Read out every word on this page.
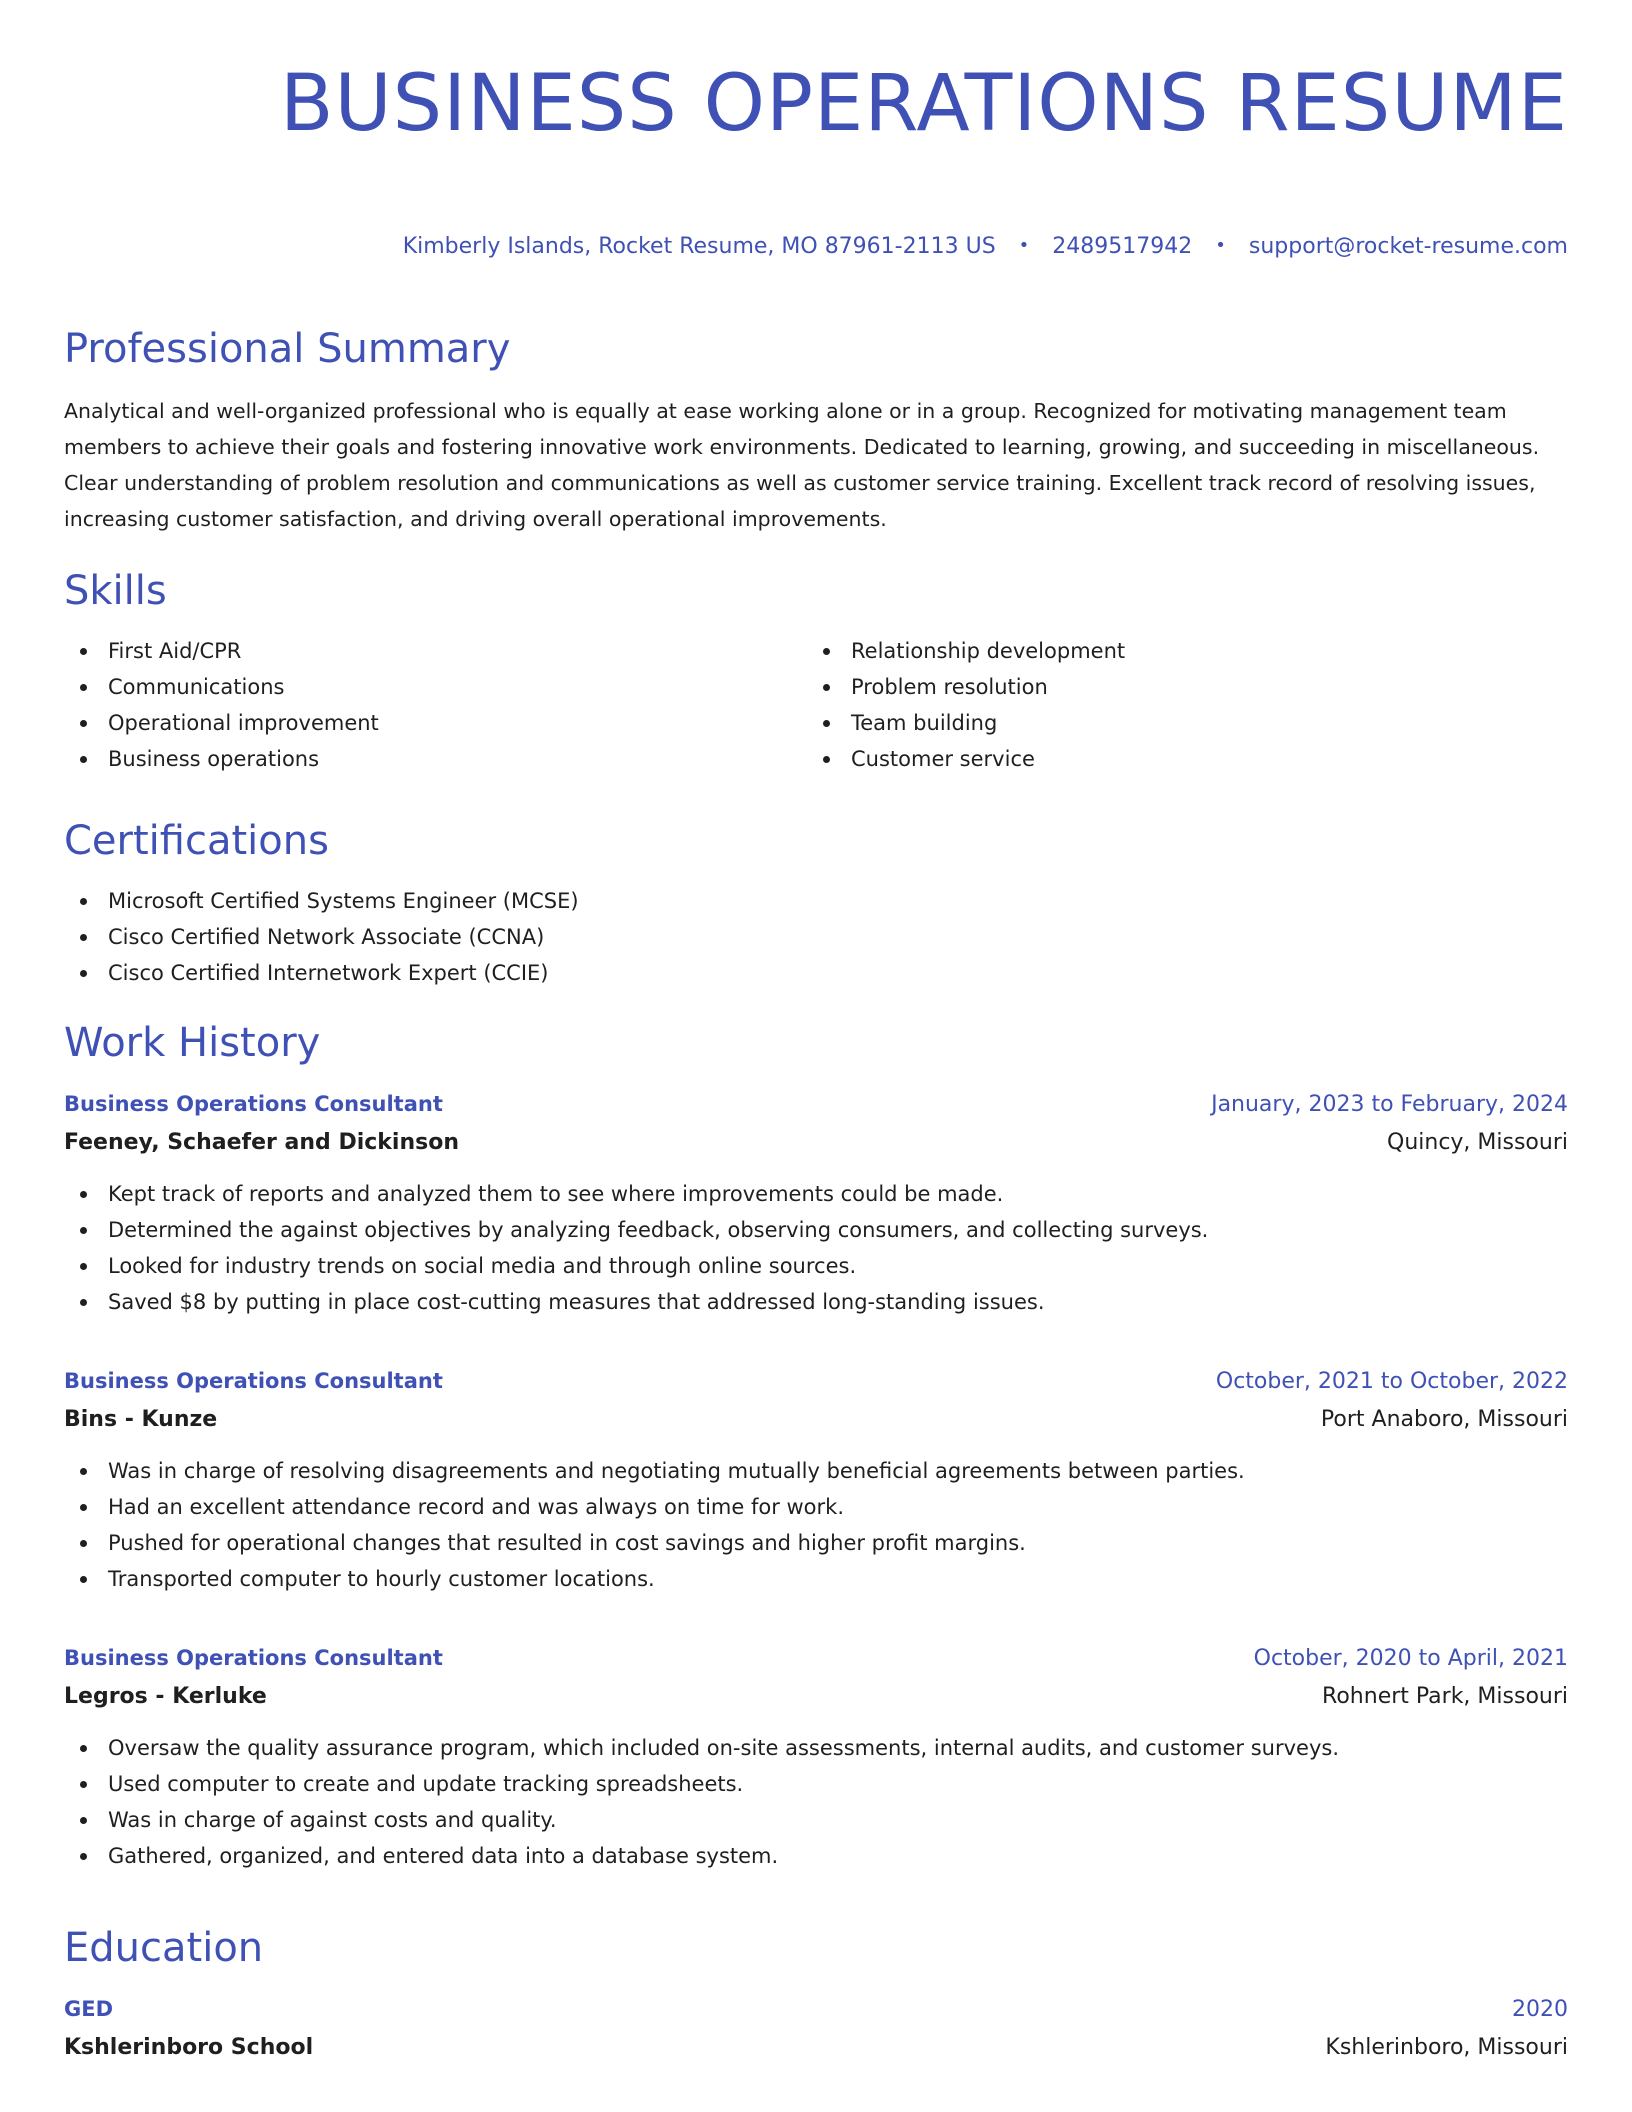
BUSINESS OPERATIONS RESUME
Kimberly Islands, Rocket Resume, MO 87961-2113 US • 2489517942 • support@rocket-resume.com
Professional Summary

Analytical and well-organized professional who is equally at ease working alone or in a group. Recognized for motivating management team members to achieve their goals and fostering innovative work environments. Dedicated to learning, growing, and succeeding in miscellaneous. Clear understanding of problem resolution and communications as well as customer service training. Excellent track record of resolving issues, increasing customer satisfaction, and driving overall operational improvements.

Skills
First Aid/CPR
Communications
Operational improvement
Business operations
Relationship development
Problem resolution
Team building
Customer service
Certifications
Microsoft Certified Systems Engineer (MCSE)
Cisco Certified Network Associate (CCNA)
Cisco Certified Internetwork Expert (CCIE)
Work History
Business Operations Consultant	January, 2023 to February, 2024
Feeney, Schaefer and Dickinson	Quincy, Missouri
Kept track of reports and analyzed them to see where improvements could be made.
Determined the against objectives by analyzing feedback, observing consumers, and collecting surveys.
Looked for industry trends on social media and through online sources.
Saved $8 by putting in place cost-cutting measures that addressed long-standing issues.
Business Operations Consultant	October, 2021 to October, 2022
Bins - Kunze	Port Anaboro, Missouri
Was in charge of resolving disagreements and negotiating mutually beneficial agreements between parties.
Had an excellent attendance record and was always on time for work.
Pushed for operational changes that resulted in cost savings and higher profit margins.
Transported computer to hourly customer locations.
Business Operations Consultant	October, 2020 to April, 2021
Legros - Kerluke	Rohnert Park, Missouri
Oversaw the quality assurance program, which included on-site assessments, internal audits, and customer surveys.
Used computer to create and update tracking spreadsheets.
Was in charge of against costs and quality.
Gathered, organized, and entered data into a database system.
Education
GED	2020
Kshlerinboro School	Kshlerinboro, Missouri
